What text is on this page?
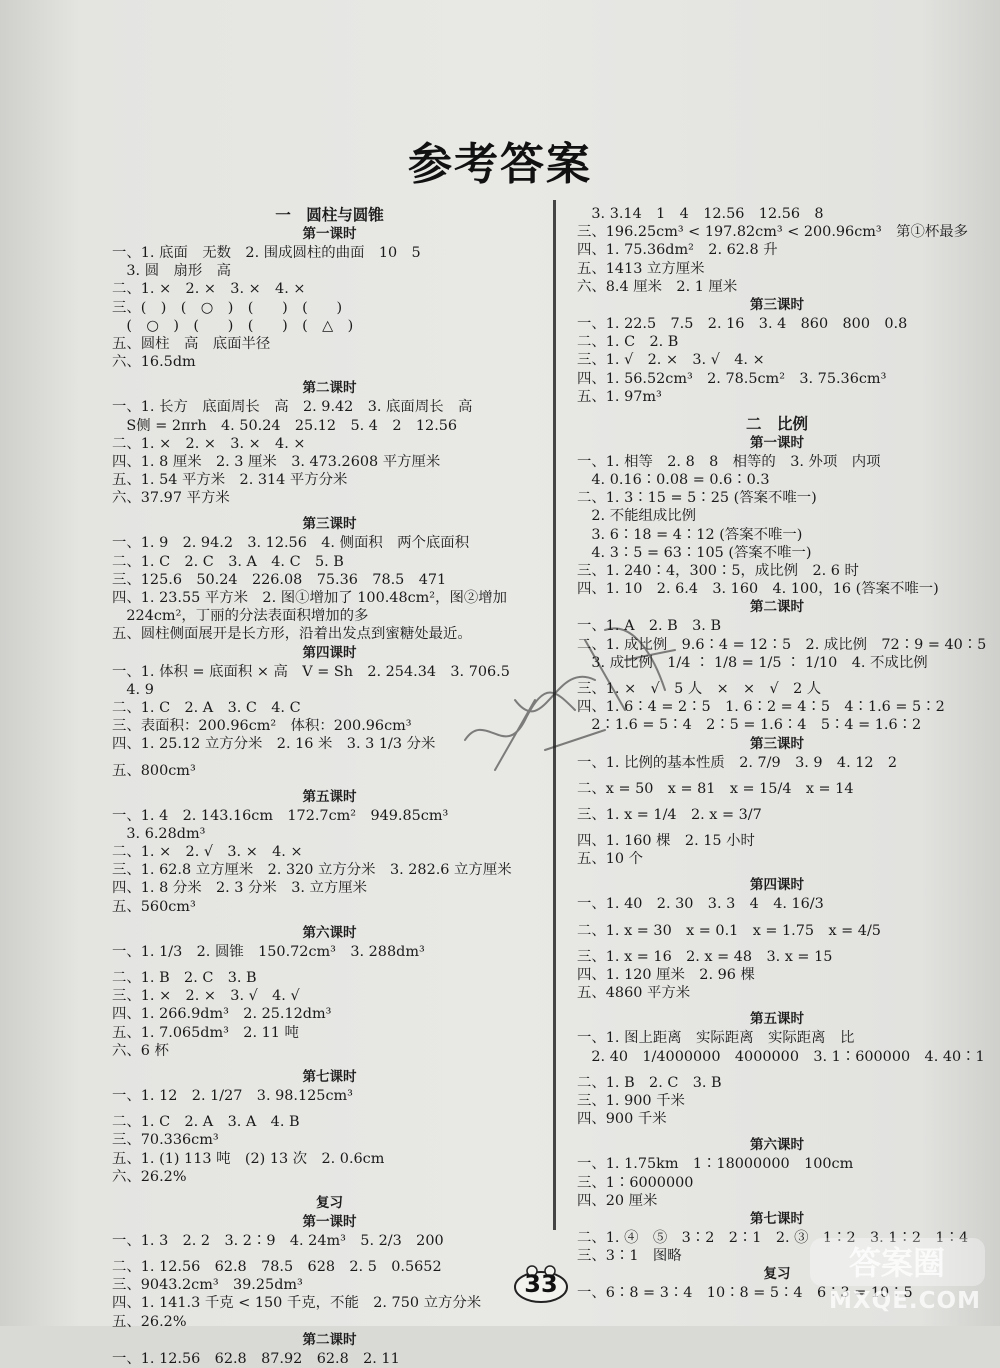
参考答案
一　圆柱与圆锥
第一课时
一、1. 底面　无数　2. 围成圆柱的曲面　10　5
　3. 圆　扇形　高
二、1. ×　2. ×　3. ×　4. ×
三、(　)　(　○　)　(　　)　(　　)
　(　○　)　(　　)　(　　)　(　△　)
五、圆柱　高　底面半径
六、16.5dm
第二课时
一、1. 长方　底面周长　高　2. 9.42　3. 底面周长　高
　S侧 = 2πrh　4. 50.24　25.12　5. 4　2　12.56
二、1. ×　2. ×　3. ×　4. ×
四、1. 8 厘米　2. 3 厘米　3. 473.2608 平方厘米
五、1. 54 平方米　2. 314 平方分米
六、37.97 平方米
第三课时
一、1. 9　2. 94.2　3. 12.56　4. 侧面积　两个底面积
二、1. C　2. C　3. A　4. C　5. B
三、125.6　50.24　226.08　75.36　78.5　471
四、1. 23.55 平方米　2. 图①增加了 100.48cm²，图②增加
　224cm²，丁丽的分法表面积增加的多
五、圆柱侧面展开是长方形，沿着出发点到蜜糖处最近。
第四课时
一、1. 体积 = 底面积 × 高　V = Sh　2. 254.34　3. 706.5
　4. 9
二、1. C　2. A　3. C　4. C
三、表面积：200.96cm²　体积：200.96cm³
四、1. 25.12 立方分米　2. 16 米　3. 3 1/3 分米
五、800cm³
第五课时
一、1. 4　2. 143.16cm　172.7cm²　949.85cm³
　3. 6.28dm³
二、1. ×　2. √　3. ×　4. ×
三、1. 62.8 立方厘米　2. 320 立方分米　3. 282.6 立方厘米
四、1. 8 分米　2. 3 分米　3. 立方厘米
五、560cm³
第六课时
一、1. 1/3　2. 圆锥　150.72cm³　3. 288dm³
二、1. B　2. C　3. B
三、1. ×　2. ×　3. √　4. √
四、1. 266.9dm³　2. 25.12dm³
五、1. 7.065dm³　2. 11 吨
六、6 杯
第七课时
一、1. 12　2. 1/27　3. 98.125cm³
二、1. C　2. A　3. A　4. B
三、70.336cm³
五、1. (1) 113 吨　(2) 13 次　2. 0.6cm
六、26.2%
复习
第一课时
一、1. 3　2. 2　3. 2∶9　4. 24m³　5. 2/3　200
二、1. 12.56　62.8　78.5　628　2. 5　0.5652
三、9043.2cm³　39.25dm³
四、1. 141.3 千克 < 150 千克，不能　2. 750 立方分米
五、26.2%
第二课时
一、1. 12.56　62.8　87.92　62.8　2. 11
　3. 3.14　1　4　12.56　12.56　8
三、196.25cm³ < 197.82cm³ < 200.96cm³　第①杯最多
四、1. 75.36dm²　2. 62.8 升
五、1413 立方厘米
六、8.4 厘米　2. 1 厘米
第三课时
一、1. 22.5　7.5　2. 16　3. 4　860　800　0.8
二、1. C　2. B
三、1. √　2. ×　3. √　4. ×
四、1. 56.52cm³　2. 78.5cm²　3. 75.36cm³
五、1. 97m³
二　比例
第一课时
一、1. 相等　2. 8　8　相等的　3. 外项　内项
　4. 0.16∶0.08 = 0.6∶0.3
二、1. 3∶15 = 5∶25 (答案不唯一)
　2. 不能组成比例
　3. 6∶18 = 4∶12 (答案不唯一)
　4. 3∶5 = 63∶105 (答案不唯一)
三、1. 240∶4，300∶5，成比例　2. 6 时
四、1. 10　2. 6.4　3. 160　4. 100，16 (答案不唯一)
第二课时
一、1. A　2. B　3. B
二、1. 成比例　9.6∶4 = 12∶5　2. 成比例　72∶9 = 40∶5
　3. 成比例　1/4 ∶ 1/8 = 1/5 ∶ 1/10　4. 不成比例
三、1. ×　√　5 人　×　×　√　2 人
四、1. 6∶4 = 2∶5　1. 6∶2 = 4∶5　4∶1.6 = 5∶2
　2∶1.6 = 5∶4　2∶5 = 1.6∶4　5∶4 = 1.6∶2
第三课时
一、1. 比例的基本性质　2. 7/9　3. 9　4. 12　2
二、x = 50　x = 81　x = 15/4　x = 14
三、1. x = 1/4　2. x = 3/7
四、1. 160 棵　2. 15 小时
五、10 个
第四课时
一、1. 40　2. 30　3. 3　4　4. 16/3
二、1. x = 30　x = 0.1　x = 1.75　x = 4/5
三、1. x = 16　2. x = 48　3. x = 15
四、1. 120 厘米　2. 96 棵
五、4860 平方米
第五课时
一、1. 图上距离　实际距离　实际距离　比
　2. 40　1/4000000　4000000　3. 1∶600000　4. 40∶1
二、1. B　2. C　3. B
三、1. 900 千米
四、900 千米
第六课时
一、1. 1.75km　1∶18000000　100cm
三、1∶6000000
四、20 厘米
第七课时
二、1. ④　⑤　3∶2　2∶1　2. ③　1∶2　3. 1∶2　1∶4
三、3∶1　图略
复习
一、6∶8 = 3∶4　10∶8 = 5∶4　6∶3 = 10∶5
33
答案圈
MXQE.COM
